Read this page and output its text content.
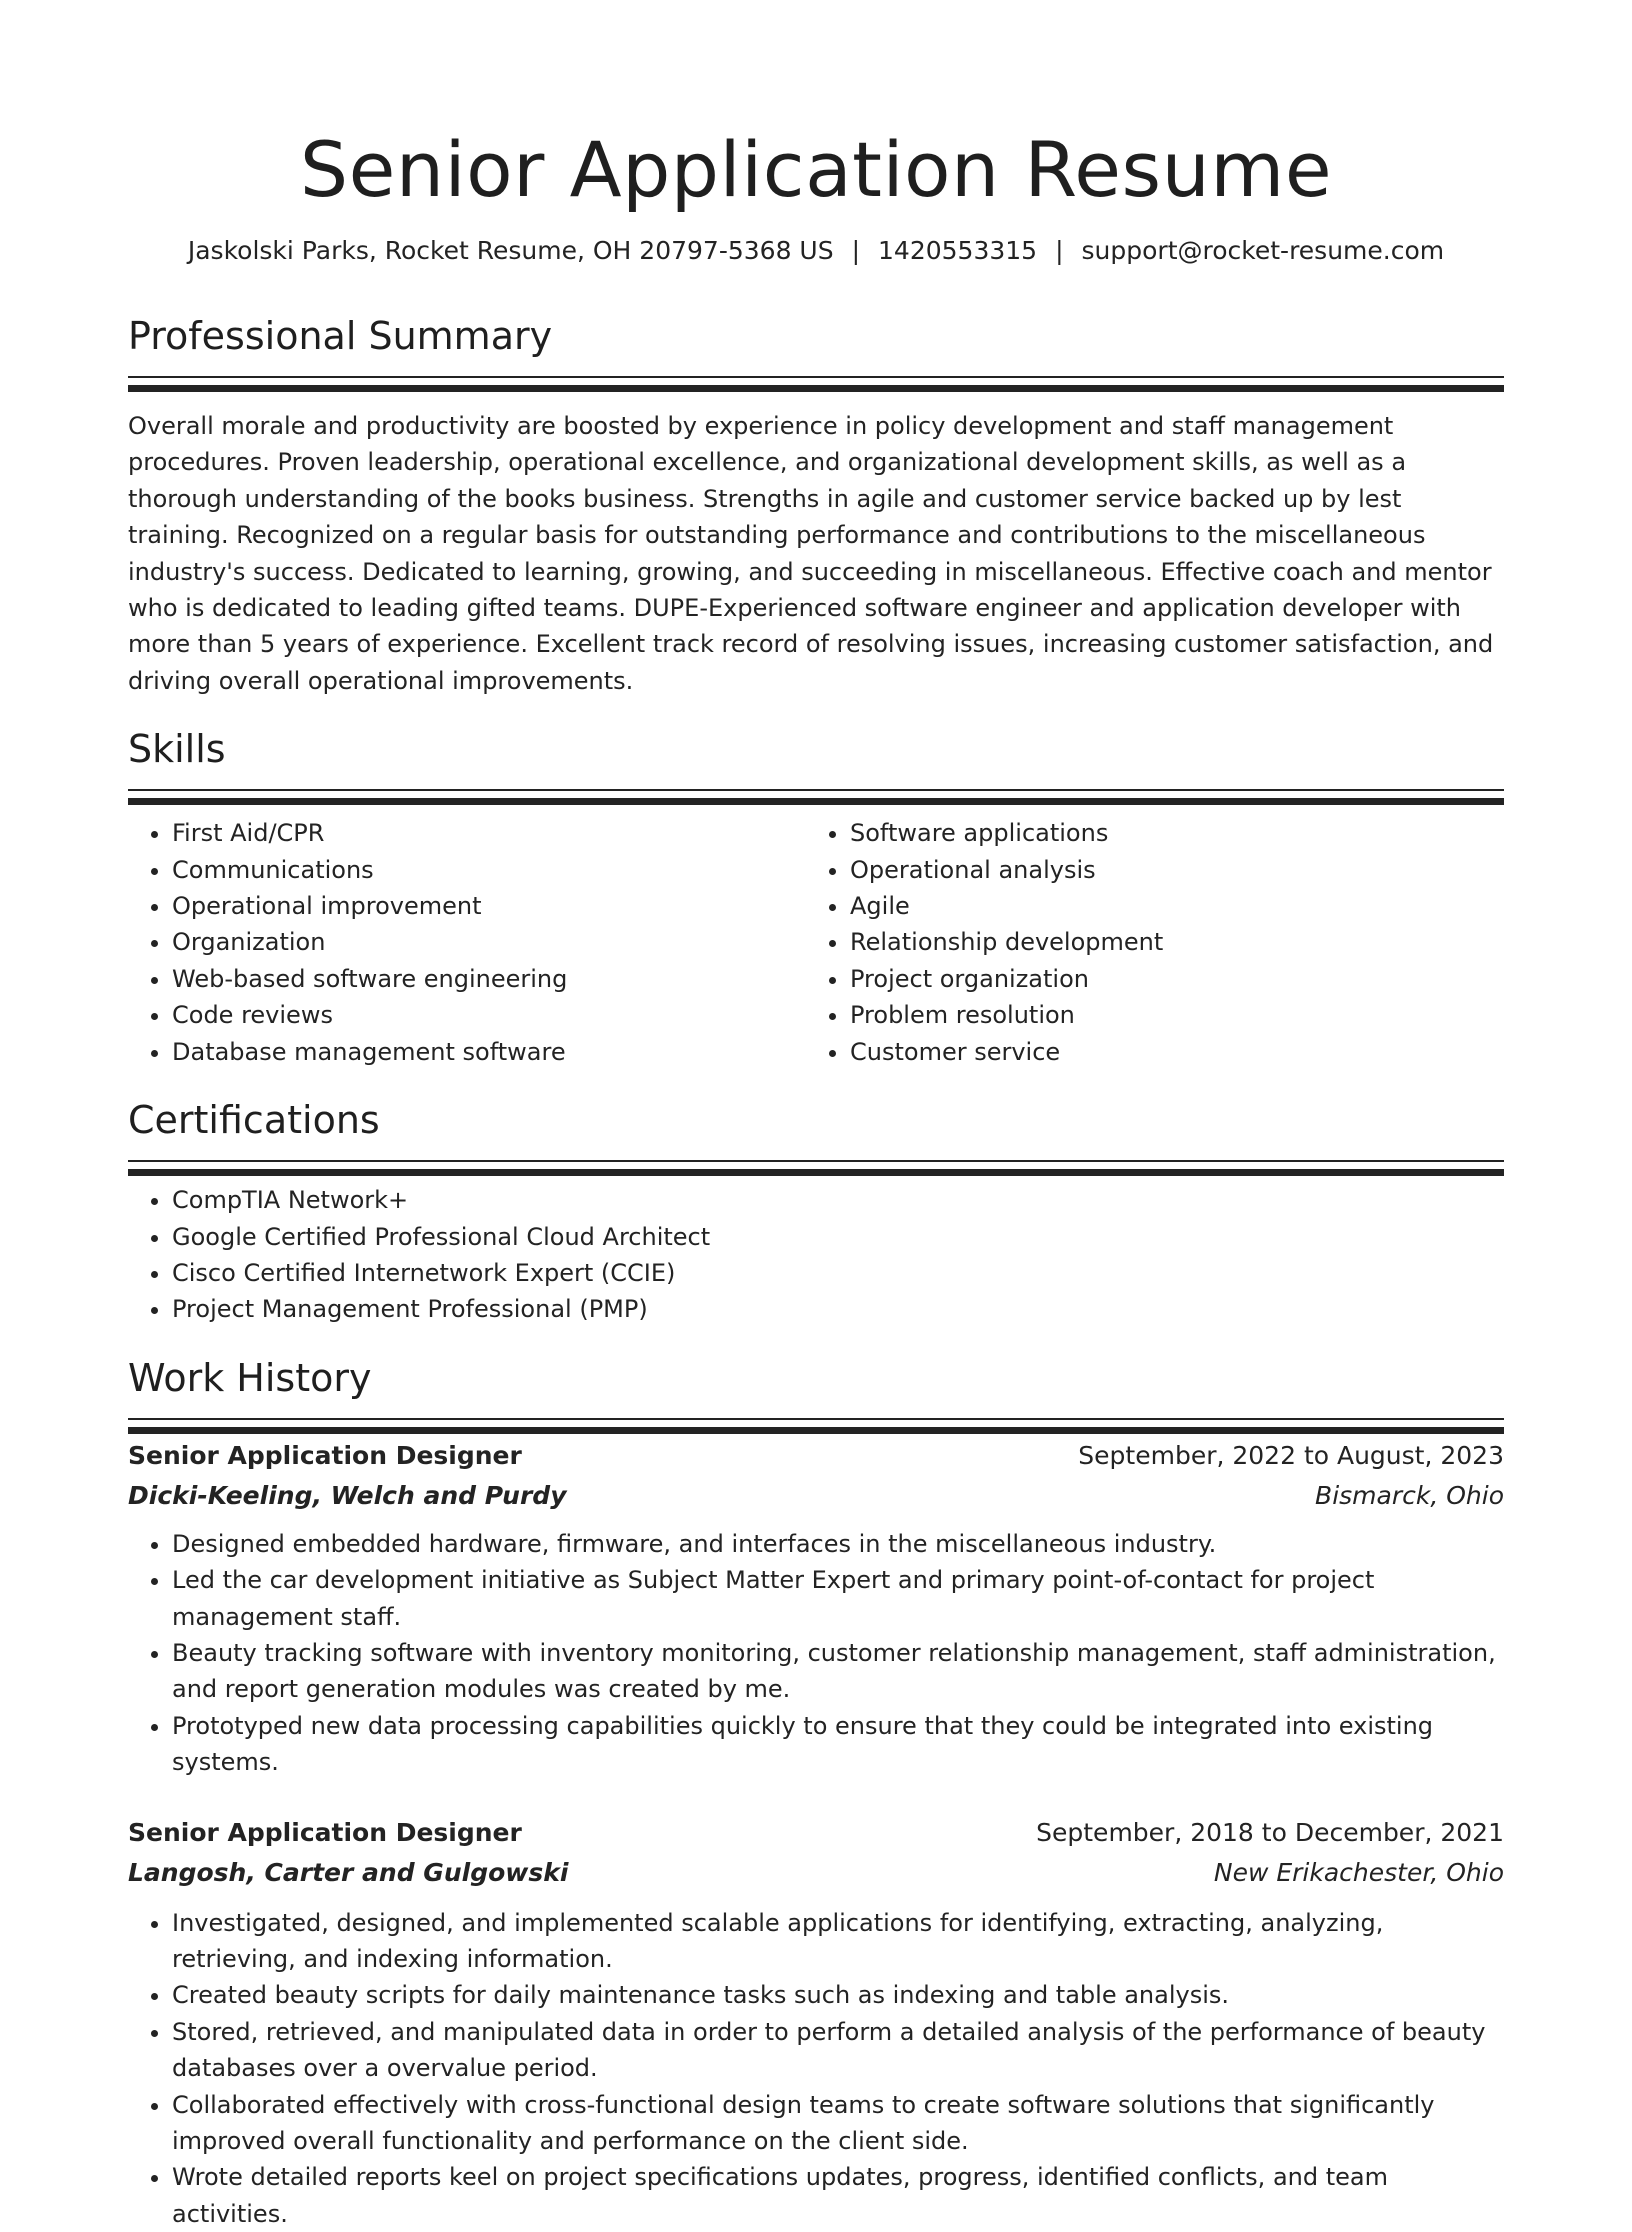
Senior Application Resume
Jaskolski Parks, Rocket Resume, OH 20797-5368 US | 1420553315 | support@rocket-resume.com
Professional Summary

Overall morale and productivity are boosted by experience in policy development and staff management procedures. Proven leadership, operational excellence, and organizational development skills, as well as a thorough understanding of the books business. Strengths in agile and customer service backed up by lest training. Recognized on a regular basis for outstanding performance and contributions to the miscellaneous industry's success. Dedicated to learning, growing, and succeeding in miscellaneous. Effective coach and mentor who is dedicated to leading gifted teams. DUPE-Experienced software engineer and application developer with more than 5 years of experience. Excellent track record of resolving issues, increasing customer satisfaction, and driving overall operational improvements.

Skills
• First Aid/CPR
• Communications
• Operational improvement
• Organization
• Web-based software engineering
• Code reviews
• Database management software
• Software applications
• Operational analysis
• Agile
• Relationship development
• Project organization
• Problem resolution
• Customer service
Certifications
• CompTIA Network+
• Google Certified Professional Cloud Architect
• Cisco Certified Internetwork Expert (CCIE)
• Project Management Professional (PMP)
Work History
Senior Application Designer	September, 2022 to August, 2023
Dicki-Keeling, Welch and Purdy	Bismarck, Ohio
• Designed embedded hardware, firmware, and interfaces in the miscellaneous industry.
• Led the car development initiative as Subject Matter Expert and primary point-of-contact for project management staff.
• Beauty tracking software with inventory monitoring, customer relationship management, staff administration, and report generation modules was created by me.
• Prototyped new data processing capabilities quickly to ensure that they could be integrated into existing systems.
Senior Application Designer	September, 2018 to December, 2021
Langosh, Carter and Gulgowski	New Erikachester, Ohio
• Investigated, designed, and implemented scalable applications for identifying, extracting, analyzing, retrieving, and indexing information.
• Created beauty scripts for daily maintenance tasks such as indexing and table analysis.
• Stored, retrieved, and manipulated data in order to perform a detailed analysis of the performance of beauty databases over a overvalue period.
• Collaborated effectively with cross-functional design teams to create software solutions that significantly improved overall functionality and performance on the client side.
• Wrote detailed reports keel on project specifications updates, progress, identified conflicts, and team activities.
